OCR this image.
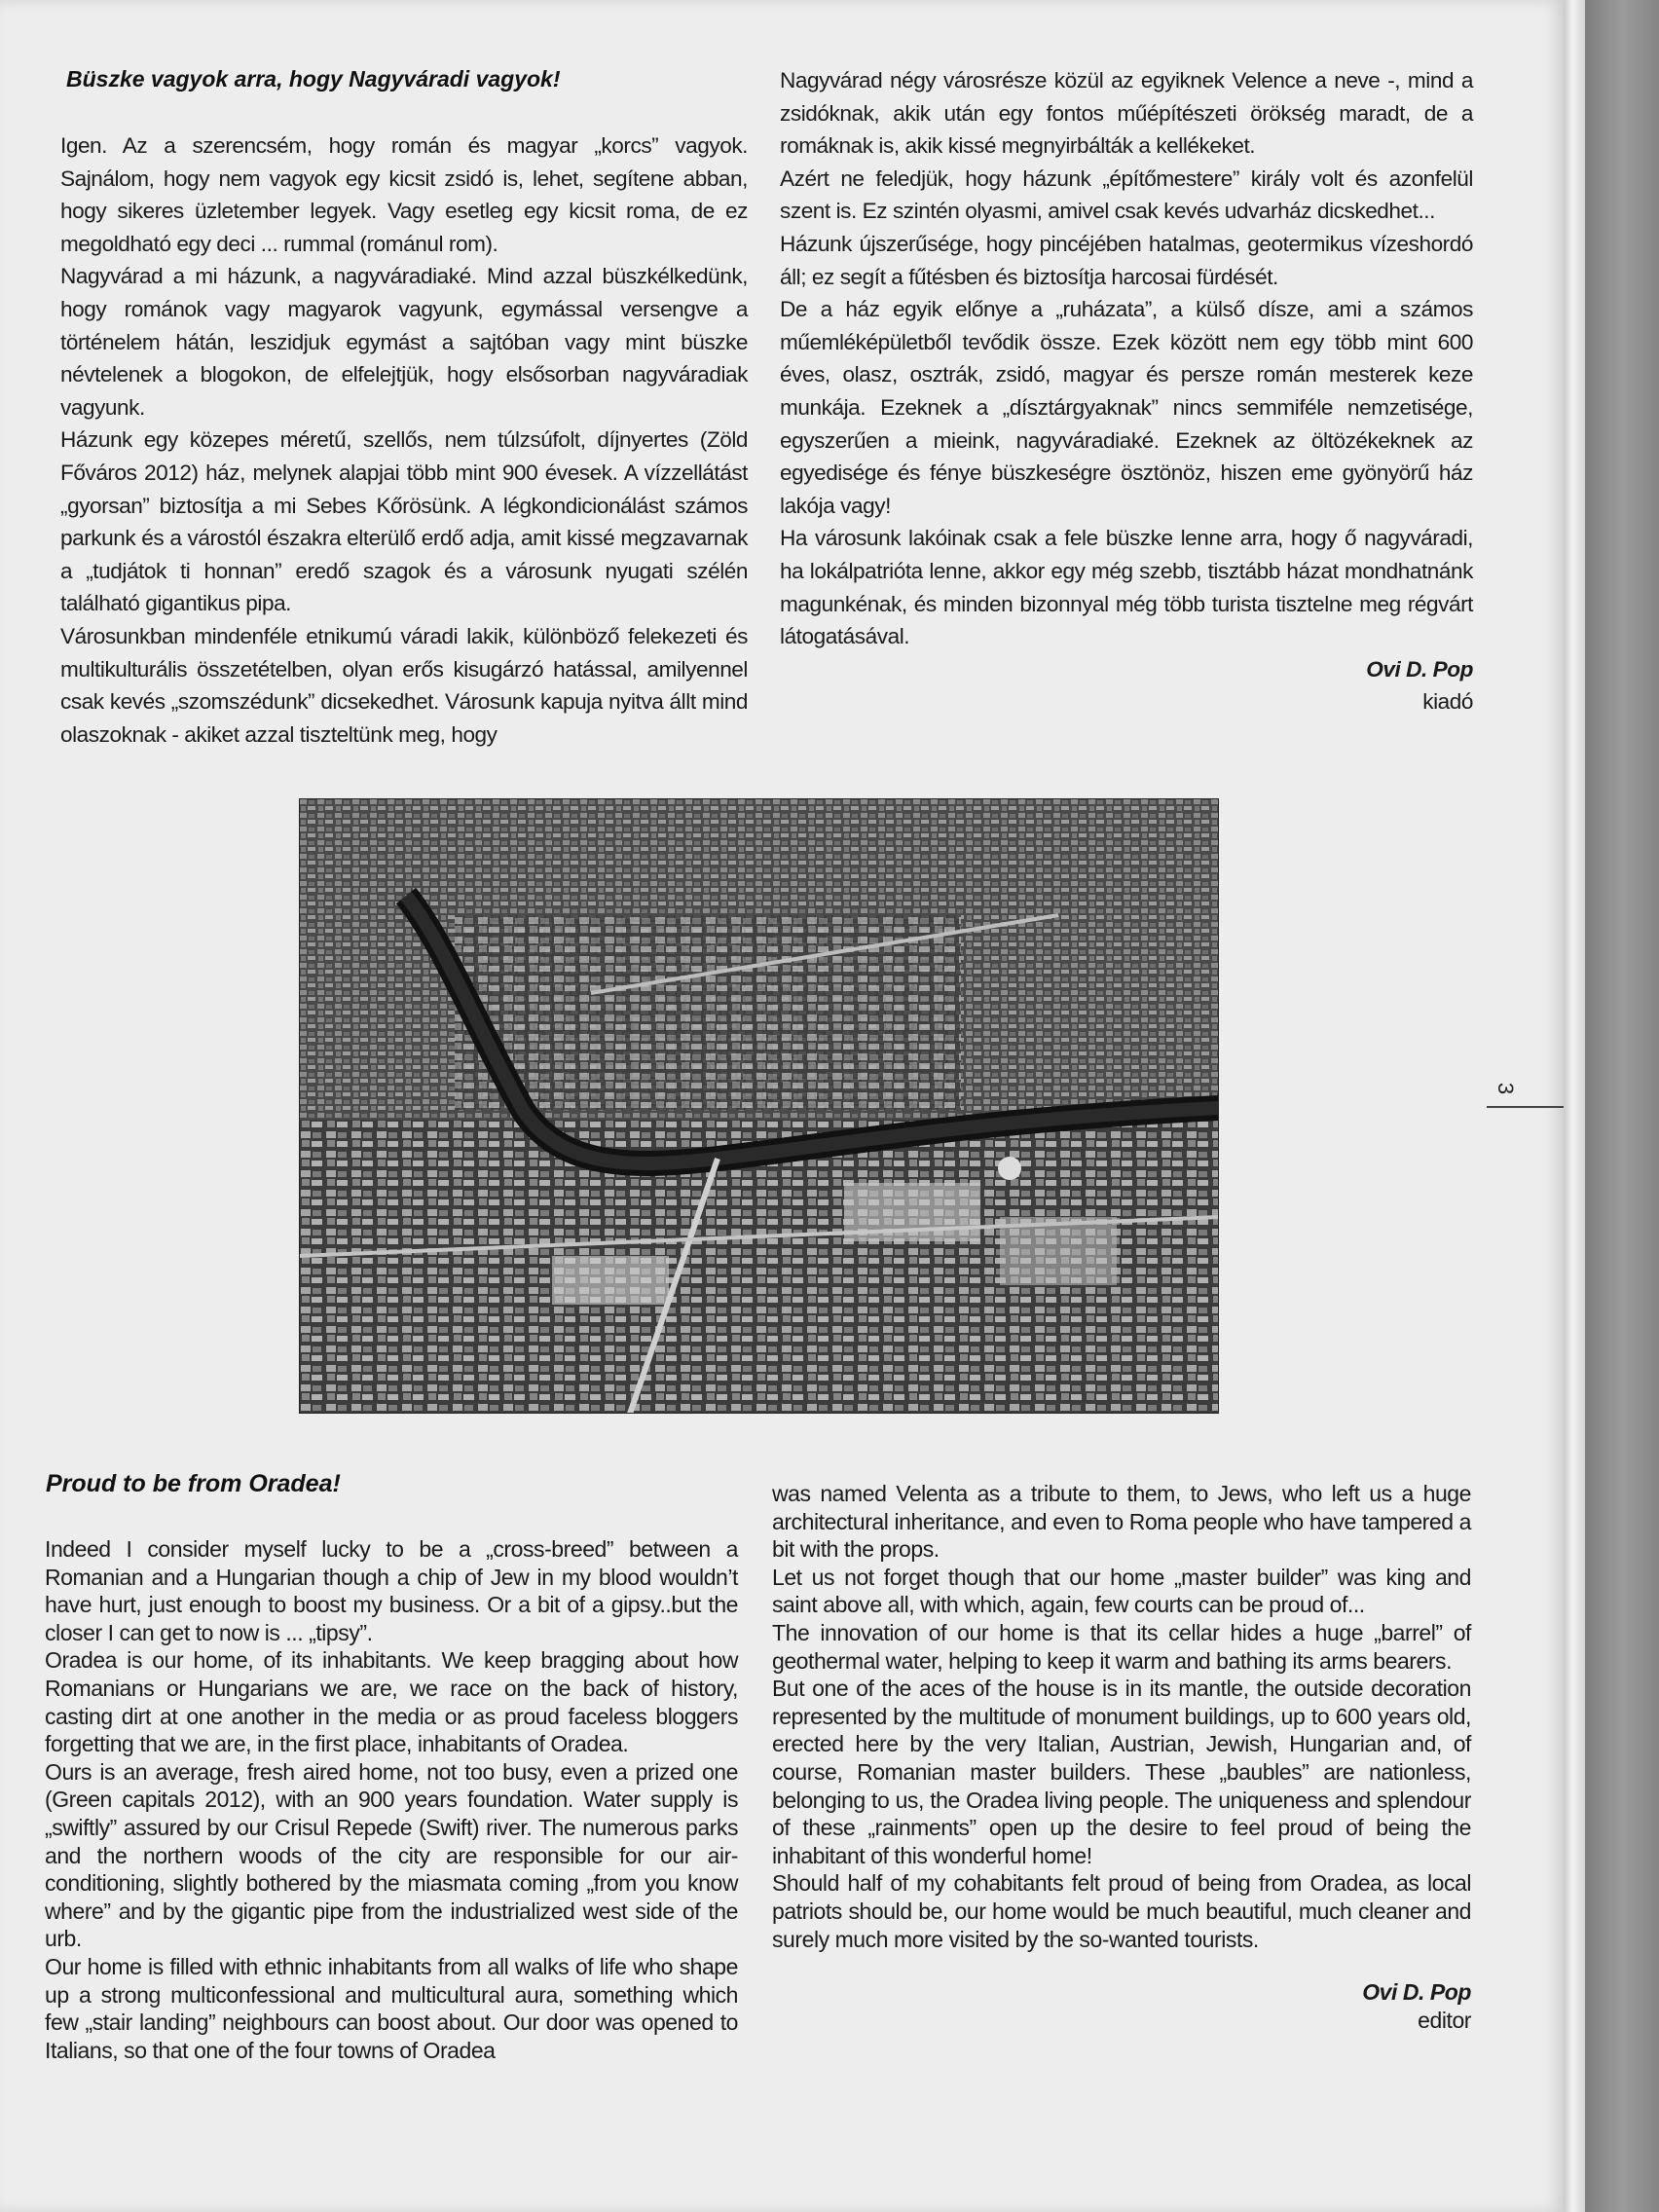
Büszke vagyok arra, hogy Nagyváradi vagyok!

Igen. Az a szerencsém, hogy román és magyar „korcs” vagyok. Sajnálom, hogy nem vagyok egy kicsit zsidó is, lehet, segítene abban, hogy sikeres üzletember legyek. Vagy esetleg egy kicsit roma, de ez megoldható egy deci ... rummal (románul rom).

Nagyvárad a mi házunk, a nagyváradiaké. Mind azzal büszkélkedünk, hogy románok vagy magyarok vagyunk, egymással versengve a történelem hátán, leszidjuk egymást a sajtóban vagy mint büszke névtelenek a blogokon, de elfelejtjük, hogy elsősorban nagyváradiak vagyunk.

Házunk egy közepes méretű, szellős, nem túlzsúfolt, díjnyertes (Zöld Főváros 2012) ház, melynek alapjai több mint 900 évesek. A vízzellátást „gyorsan” biztosítja a mi Sebes Kőrösünk. A légkondicionálást számos parkunk és a várostól északra elterülő erdő adja, amit kissé megzavarnak a „tudjátok ti honnan” eredő szagok és a városunk nyugati szélén található gigantikus pipa.

Városunkban mindenféle etnikumú váradi lakik, különböző felekezeti és multikulturális összetételben, olyan erős kisugárzó hatással, amilyennel csak kevés „szomszédunk” dicsekedhet. Városunk kapuja nyitva állt mind olaszoknak - akiket azzal tiszteltünk meg, hogy

Nagyvárad négy városrésze közül az egyiknek Velence a neve -, mind a zsidóknak, akik után egy fontos műépítészeti örökség maradt, de a romáknak is, akik kissé megnyirbálták a kellékeket.

Azért ne feledjük, hogy házunk „építőmestere” király volt és azonfelül szent is. Ez szintén olyasmi, amivel csak kevés udvarház dicskedhet...

Házunk újszerűsége, hogy pincéjében hatalmas, geotermikus vízeshordó áll; ez segít a fűtésben és biztosítja harcosai fürdését.

De a ház egyik előnye a „ruházata”, a külső dísze, ami a számos műemléképületből tevődik össze. Ezek között nem egy több mint 600 éves, olasz, osztrák, zsidó, magyar és persze román mesterek keze munkája. Ezeknek a „dísztárgyaknak” nincs semmiféle nemzetisége, egyszerűen a mieink, nagyváradiaké. Ezeknek az öltözékeknek az egyedisége és fénye büszkeségre ösztönöz, hiszen eme gyönyörű ház lakója vagy!

Ha városunk lakóinak csak a fele büszke lenne arra, hogy ő nagyváradi, ha lokálpatrióta lenne, akkor egy még szebb, tisztább házat mondhatnánk magunkénak, és minden bizonnyal még több turista tisztelne meg régvárt látogatásával.

Ovi D. Pop
kiadó
Proud to be from Oradea!

Indeed I consider myself lucky to be a „cross-breed” between a Romanian and a Hungarian though a chip of Jew in my blood wouldn’t have hurt, just enough to boost my business. Or a bit of a gipsy..but the closer I can get to now is ... „tipsy”.

Oradea is our home, of its inhabitants. We keep bragging about how Romanians or Hungarians we are, we race on the back of history, casting dirt at one another in the media or as proud faceless bloggers forgetting that we are, in the first place, inhabitants of Oradea.

Ours is an average, fresh aired home, not too busy, even a prized one (Green capitals 2012), with an 900 years foundation. Water supply is „swiftly” assured by our Crisul Repede (Swift) river. The numerous parks and the northern woods of the city are responsible for our air-conditioning, slightly bothered by the miasmata coming „from you know where” and by the gigantic pipe from the industrialized west side of the urb.

Our home is filled with ethnic inhabitants from all walks of life who shape up a strong multiconfessional and multicultural aura, something which few „stair landing” neighbours can boost about. Our door was opened to Italians, so that one of the four towns of Oradea

was named Velenta as a tribute to them, to Jews, who left us a huge architectural inheritance, and even to Roma people who have tampered a bit with the props.

Let us not forget though that our home „master builder” was king and saint above all, with which, again, few courts can be proud of...

The innovation of our home is that its cellar hides a huge „barrel” of geothermal water, helping to keep it warm and bathing its arms bearers.

But one of the aces of the house is in its mantle, the outside decoration represented by the multitude of monument buildings, up to 600 years old, erected here by the very Italian, Austrian, Jewish, Hungarian and, of course, Romanian master builders. These „baubles” are nationless, belonging to us, the Oradea living people. The uniqueness and splendour of these „rainments” open up the desire to feel proud of being the inhabitant of this wonderful home!

Should half of my cohabitants felt proud of being from Oradea, as local patriots should be, our home would be much beautiful, much cleaner and surely much more visited by the so-wanted tourists.

Ovi D. Pop
editor
3
